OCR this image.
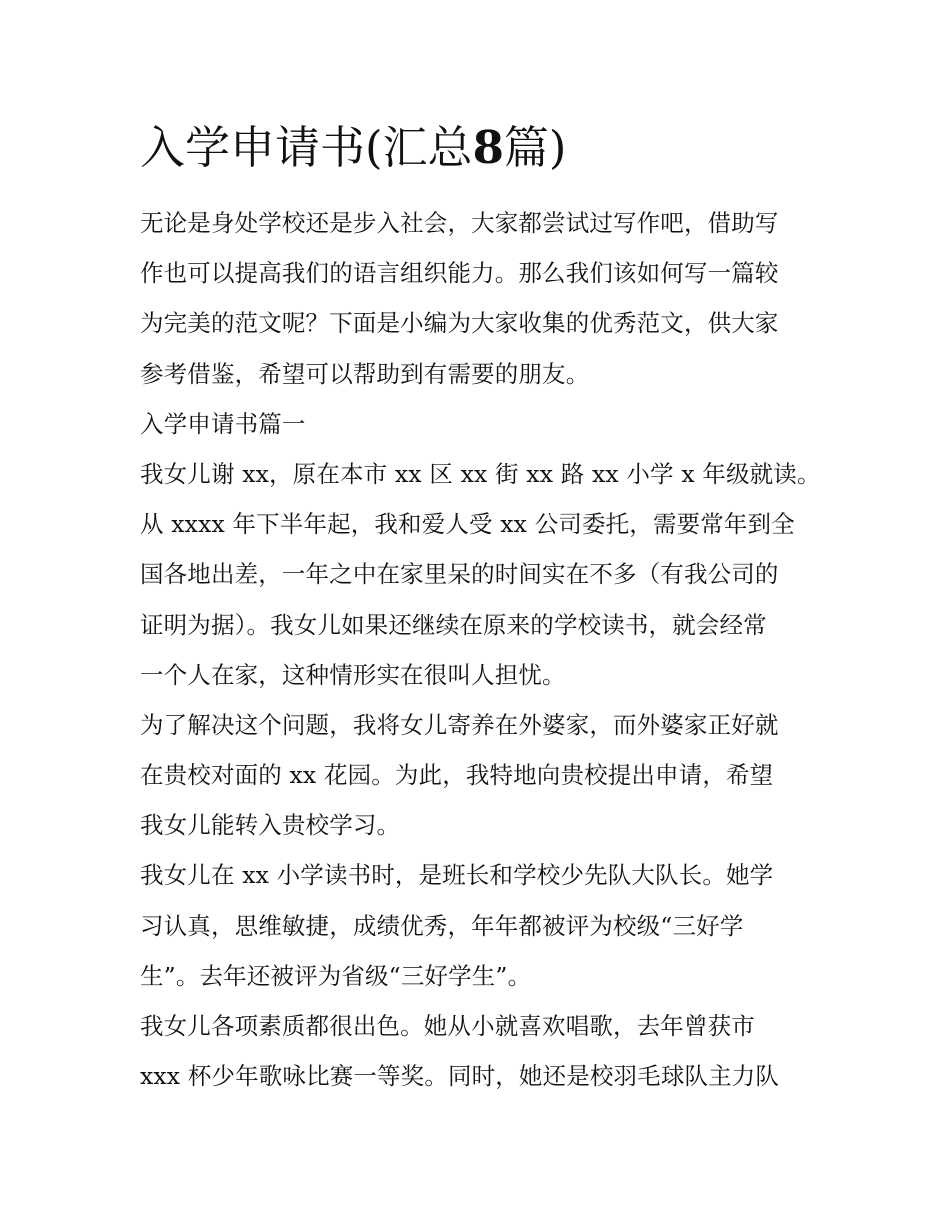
入学申请书(汇总8篇)
无论是身处学校还是步入社会，大家都尝试过写作吧，借助写
作也可以提高我们的语言组织能力。那么我们该如何写一篇较
为完美的范文呢？下面是小编为大家收集的优秀范文，供大家
参考借鉴，希望可以帮助到有需要的朋友。
入学申请书篇一
我女儿谢 xx，原在本市 xx 区 xx 街 xx 路 xx 小学 x 年级就读。
从 xxxx 年下半年起，我和爱人受 xx 公司委托，需要常年到全
国各地出差，一年之中在家里呆的时间实在不多（有我公司的
证明为据）。我女儿如果还继续在原来的学校读书，就会经常
一个人在家，这种情形实在很叫人担忧。
为了解决这个问题，我将女儿寄养在外婆家，而外婆家正好就
在贵校对面的 xx 花园。为此，我特地向贵校提出申请，希望
我女儿能转入贵校学习。
我女儿在 xx 小学读书时，是班长和学校少先队大队长。她学
习认真，思维敏捷，成绩优秀，年年都被评为校级“三好学
生”。去年还被评为省级“三好学生”。
我女儿各项素质都很出色。她从小就喜欢唱歌，去年曾获市
xxx 杯少年歌咏比赛一等奖。同时，她还是校羽毛球队主力队
